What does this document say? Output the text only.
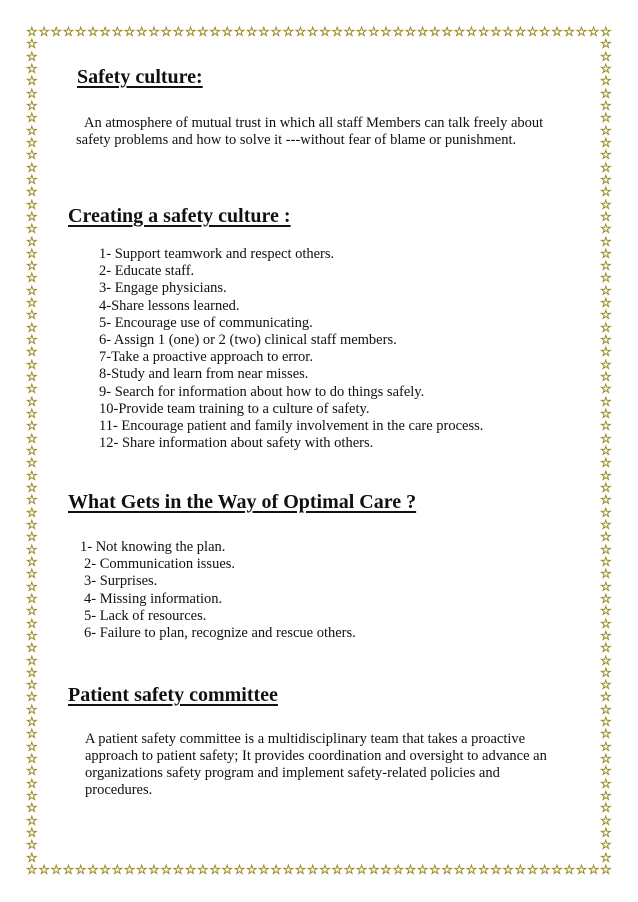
☆
☆
☆
☆
☆
☆
☆
☆
☆
☆
☆
☆
☆
☆
☆
☆
☆
☆
☆
☆
☆
☆
☆
☆
☆
☆
☆
☆
☆
☆
☆
☆
☆
☆
☆
☆
☆
☆
☆
☆
☆
☆
☆
☆
☆
☆
☆
☆
☆
☆
☆
☆
☆
☆
☆
☆
☆
☆
☆
☆
☆
☆
☆
☆
☆
☆
☆
☆
☆
☆
☆
☆
☆
☆
☆
☆
☆
☆
☆
☆
☆
☆
☆
☆
☆
☆
☆
☆
☆
☆
☆
☆
☆
☆
☆
☆
☆	☆
☆	☆
☆	☆
☆	☆
☆	☆
☆	☆
☆	☆
☆	☆
☆	☆
☆	☆
☆	☆
☆	☆
☆	☆
☆	☆
☆	☆
☆	☆
☆	☆
☆	☆
☆	☆
☆	☆
☆	☆
☆	☆
☆	☆
☆	☆
☆	☆
☆	☆
☆	☆
☆	☆
☆	☆
☆	☆
☆	☆
☆	☆
☆	☆
☆	☆
☆	☆
☆	☆
☆	☆
☆	☆
☆	☆
☆	☆
☆	☆
☆	☆
☆	☆
☆	☆
☆	☆
☆	☆
☆	☆
☆	☆
☆	☆
☆	☆
☆	☆
☆	☆
☆	☆
☆	☆
☆	☆
☆	☆
☆	☆
☆	☆
☆	☆
☆	☆
☆	☆
☆	☆
☆	☆
☆	☆
☆	☆
☆	☆
☆	☆
Safety culture:

An atmosphere of mutual trust in which all staff Members can talk freely about safety problems and how to solve it ---without fear of blame or punishment.

Creating a safety culture :
1- Support teamwork and respect others.
2- Educate staff.
3- Engage physicians.
4-Share lessons learned.
5- Encourage use of communicating.
6- Assign 1 (one) or 2 (two) clinical staff members.
7-Take a proactive approach to error.
8-Study and learn from near misses.
9- Search for information about how to do things safely.
10-Provide team training to a culture of safety.
11- Encourage patient and family involvement in the care process.
12- Share information about safety with others.
What Gets in the Way of Optimal Care ?
1- Not knowing the plan.
2- Communication issues.
3- Surprises.
4- Missing information.
5- Lack of resources.
6- Failure to plan, recognize and rescue others.
Patient safety committee

A patient safety committee is a multidisciplinary team that takes a proactive approach to patient safety; It provides coordination and oversight to advance an organizations safety program and implement safety-related policies and procedures.
